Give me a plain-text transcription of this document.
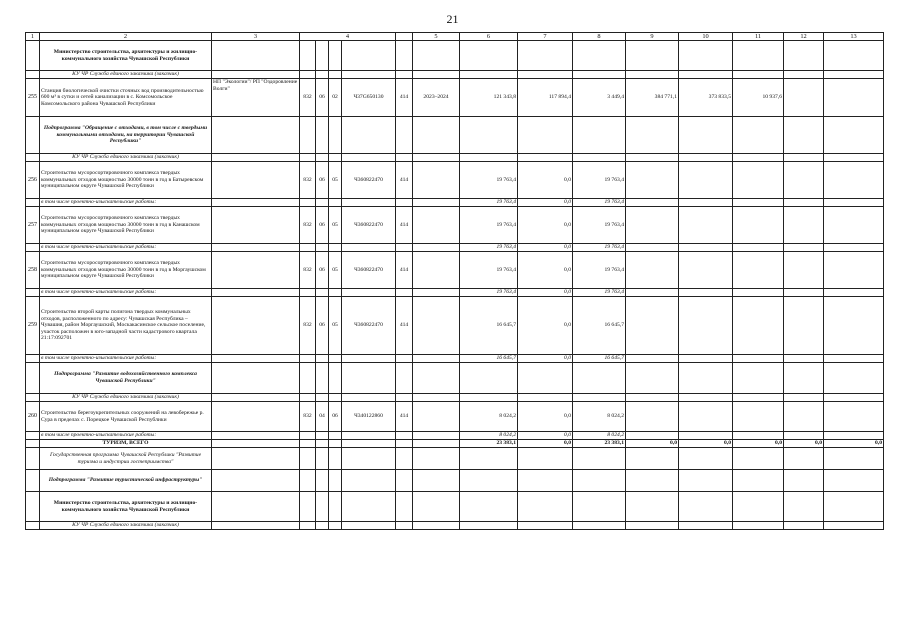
21
1	2	3	4					5	6	7	8	9	10	11	12	13	
	Министерство строительства, архитектуры и жилищно-коммунального хозяйства Чувашской Республики																
	КУ ЧР Служба единого заказчика (заказчик)																
255	Станция биологической очистки сточных вод производительностью 600 м³ в сутки и сетей канализации в с. Комсомольское Комсомольского района Чувашской Республики	НП "Экологии"/ РП "Оздоровление Волги"	832	06	02	Ч37G650130	414	2023–2024	121 343,8	117 894,4	3 449,4	384 771,1	373 833,5	10 937,6			
	Подпрограмма "Обращение с отходами, в том числе с твердыми коммунальными отходами, на территории Чувашской Республики"																
	КУ ЧР Служба единого заказчика (заказчик)																
256	Строительство мусоросортировочного комплекса твердых коммунальных отходов мощностью 30000 тонн в год в Батыревском муниципальном округе Чувашской Республики		832	06	05	Ч360822470	414		19 763,4	0,0	19 763,4						
	в том числе проектно-изыскательские работы:								19 763,4	0,0	19 763,4						
257	Строительство мусоросортировочного комплекса твердых коммунальных отходов мощностью 30000 тонн в год в Канашском муниципальном округе Чувашской Республики		832	06	05	Ч360822470	414		19 763,4	0,0	19 763,4						
	в том числе проектно-изыскательские работы:								19 763,4	0,0	19 763,4						
258	Строительство мусоросортировочного комплекса твердых коммунальных отходов мощностью 30000 тонн в год в Моргаушском муниципальном округе Чувашской Республики		832	06	05	Ч360822470	414		19 763,4	0,0	19 763,4						
	в том числе проектно-изыскательские работы:								19 763,4	0,0	19 763,4						
259	Строительство второй карты полигона твердых коммунальных отходов, расположенного по адресу: Чувашская Республика – Чувашия, район Моргаушский, Москакасинское сельское поселение, участок расположен в юго-западной части кадастрового квартала 21:17:092701		832	06	05	Ч360822470	414		16 645,7	0,0	16 645,7						
	в том числе проектно-изыскательские работы:								16 645,7	0,0	16 645,7						
	Подпрограмма "Развитие водохозяйственного комплекса Чувашской Республики"																
	КУ ЧР Служба единого заказчика (заказчик)																
260	Строительство берегоукрепительных сооружений на левобережье р. Сура в пределах с. Порецкое Чувашской Республики		832	04	06	Ч340122860	414		8 024,2	0,0	8 024,2						
	в том числе проектно-изыскательские работы:								8 024,2	0,0	8 024,2						
	ТУРИЗМ, ВСЕГО								23 383,1	0,0	23 383,1	0,0	0,0	0,0	0,0	0,0	
	Государственная программа Чувашской Республики "Развитие туризма и индустрии гостеприимства"																
	Подпрограмма "Развитие туристической инфраструктуры"																
	Министерство строительства, архитектуры и жилищно-коммунального хозяйства Чувашской Республики																
	КУ ЧР Служба единого заказчика (заказчик)																
